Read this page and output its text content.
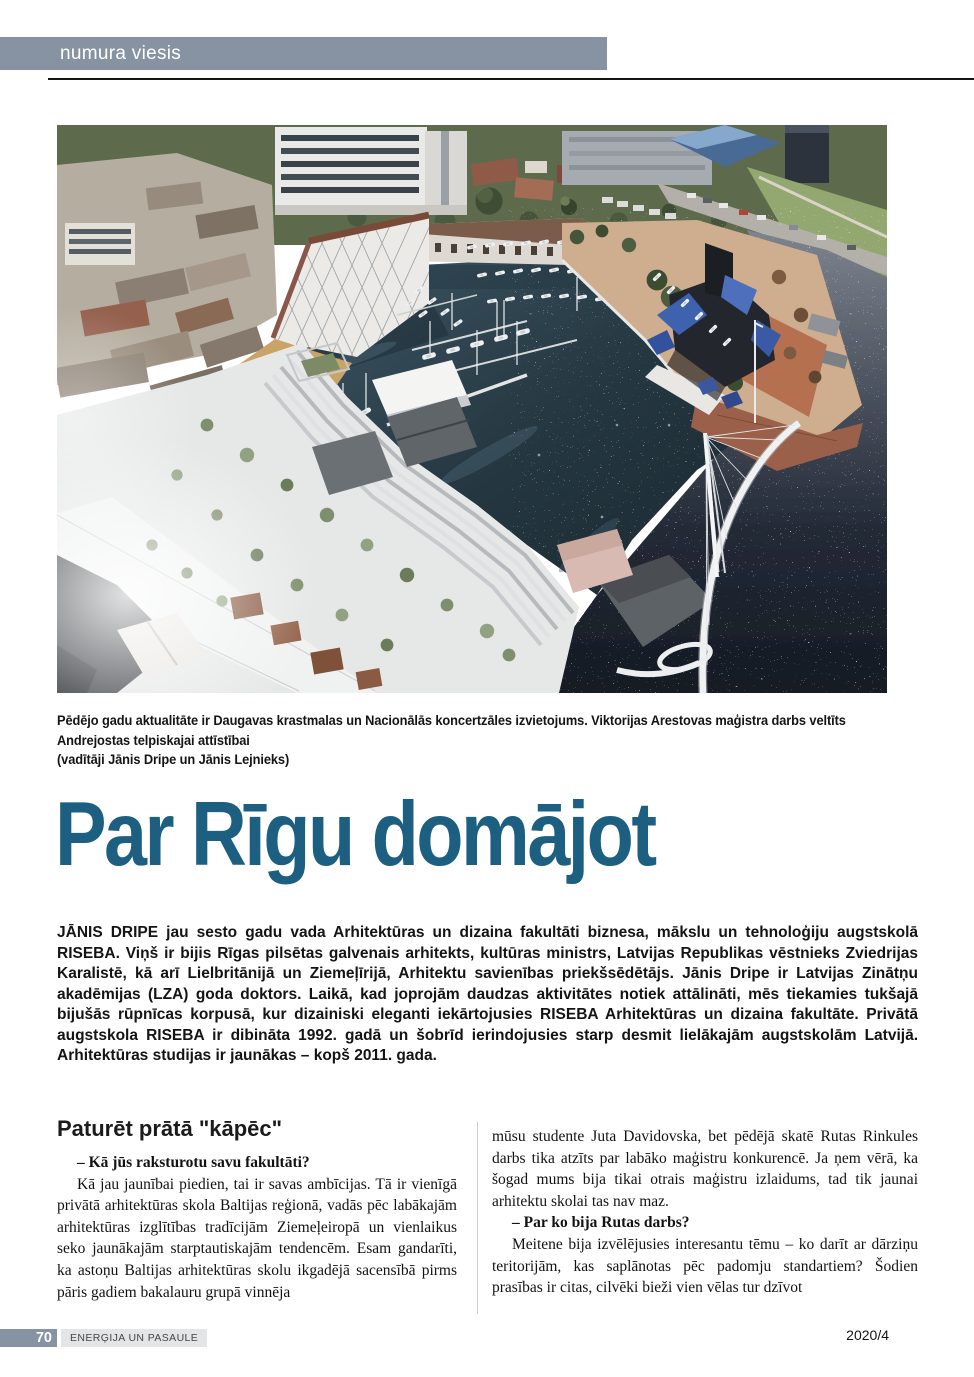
numura viesis
Pēdējo gadu aktualitāte ir Daugavas krastmalas un Nacionālās koncertzāles izvietojums. Viktorijas Arestovas maģistra darbs veltīts Andrejostas telpiskajai attīstībai
(vadītāji Jānis Dripe un Jānis Lejnieks)
Par Rīgu domājot

JĀNIS DRIPE jau sesto gadu vada Arhitektūras un dizaina fakultāti biznesa, mākslu un tehnoloģiju augstskolā RISEBA. Viņš ir bijis Rīgas pilsētas galvenais arhitekts, kultūras ministrs, Latvijas Republikas vēstnieks Zviedrijas Karalistē, kā arī Lielbritānijā un Ziemeļīrijā, Arhitektu savienības priekšsēdētājs. Jānis Dripe ir Latvijas Zinātņu akadēmijas (LZA) goda doktors. Laikā, kad joprojām daudzas aktivitātes notiek attālināti, mēs tiekamies tukšajā bijušās rūpnīcas korpusā, kur dizainiski eleganti iekārtojusies RISEBA Arhitektūras un dizaina fakultāte. Privātā augstskola RISEBA ir dibināta 1992. gadā un šobrīd ierindojusies starp desmit lielākajām augstskolām Latvijā. Arhitektūras studijas ir jaunākas – kopš 2011. gada.

Paturēt prātā "kāpēc"

– Kā jūs raksturotu savu fakultāti?

Kā jau jaunībai piedien, tai ir savas ambīcijas. Tā ir vienīgā privātā arhitektūras skola Baltijas reģionā, vadās pēc labākajām arhitektūras izglītības tradīcijām Ziemeļeiropā un vienlaikus seko jaunākajām starptautiskajām tendencēm. Esam gandarīti, ka astoņu Baltijas arhitektūras skolu ikgadējā sacensībā pirms pāris gadiem bakalauru grupā vinnēja

mūsu studente Juta Davidovska, bet pēdējā skatē Rutas Rinkules darbs tika atzīts par labāko maģistru konkurencē. Ja ņem vērā, ka šogad mums bija tikai otrais maģistru izlaidums, tad tik jaunai arhitektu skolai tas nav maz.

– Par ko bija Rutas darbs?

Meitene bija izvēlējusies interesantu tēmu – ko darīt ar dārziņu teritorijām, kas saplānotas pēc padomju standartiem? Šodien prasības ir citas, cilvēki bieži vien vēlas tur dzīvot

70	ENERĢIJA UN PASAULE	2020/4
